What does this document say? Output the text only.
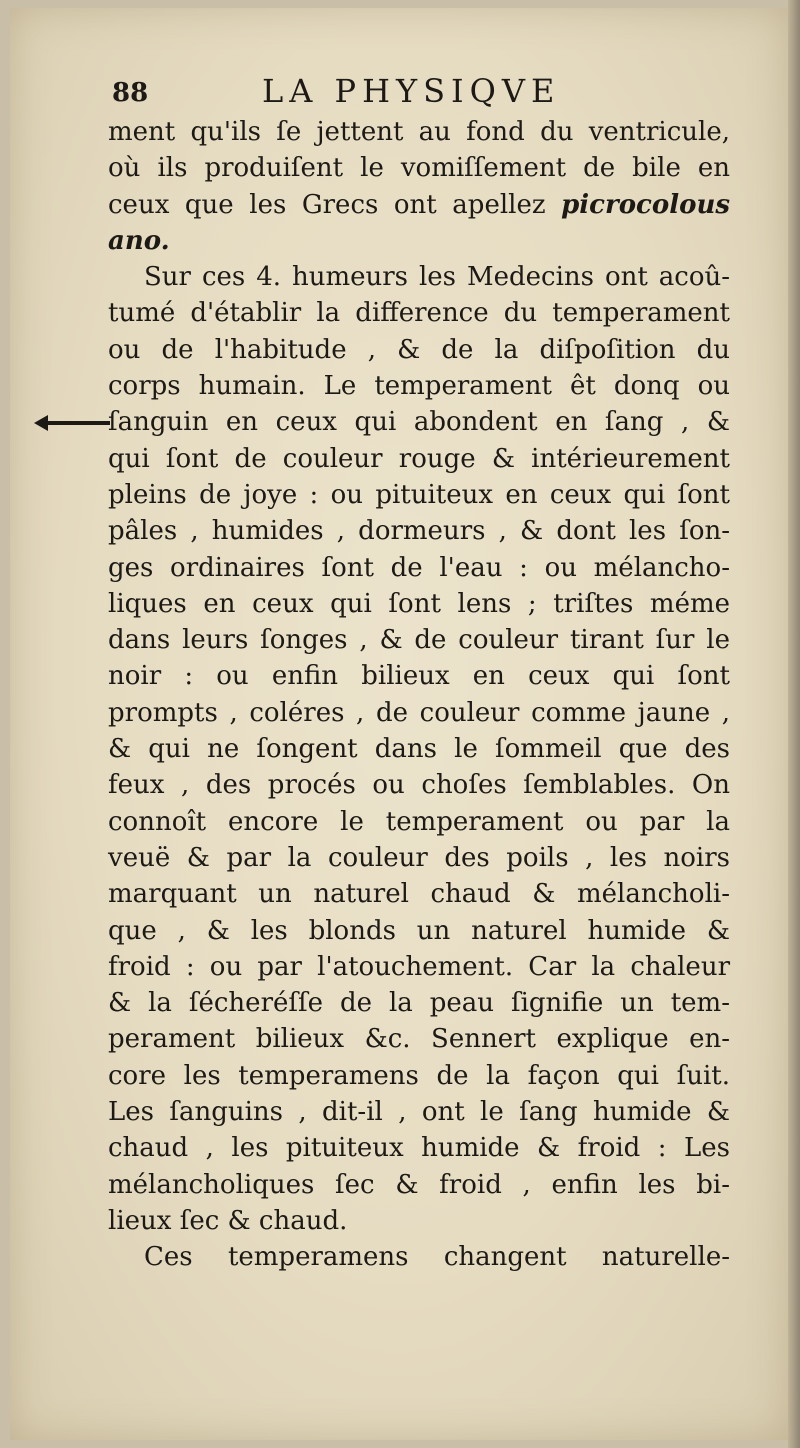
88	LA PHYSIQVE
ment qu'ils ſe jettent au fond du ventricule,
où ils produiſent le vomiſſement de bile en
ceux que les Grecs ont apellez picrocolous
ano.
Sur ces 4. humeurs les Medecins ont acoû-
tumé d'établir la difference du temperament
ou de l'habitude , & de la diſpoſition du
corps humain. Le temperament êt donq ou
ſanguin en ceux qui abondent en ſang , &
qui ſont de couleur rouge & intérieurement
pleins de joye : ou pituiteux en ceux qui ſont
pâles , humides , dormeurs , & dont les ſon-
ges ordinaires ſont de l'eau : ou mélancho-
liques en ceux qui ſont lens ; triſtes méme
dans leurs ſonges , & de couleur tirant ſur le
noir : ou enfin bilieux en ceux qui ſont
prompts , coléres , de couleur comme jaune ,
& qui ne ſongent dans le ſommeil que des
feux , des procés ou choſes ſemblables. On
connoît encore le temperament ou par la
veuë & par la couleur des poils , les noirs
marquant un naturel chaud & mélancholi-
que , & les blonds un naturel humide &
froid : ou par l'atouchement. Car la chaleur
& la ſécheréſſe de la peau ſignifie un tem-
perament bilieux &c. Sennert explique en-
core les temperamens de la façon qui ſuit.
Les ſanguins , dit-il , ont le ſang humide &
chaud , les pituiteux humide & froid : Les
mélancholiques ſec & froid , enfin les bi-
lieux ſec & chaud.
Ces temperamens changent naturelle-
